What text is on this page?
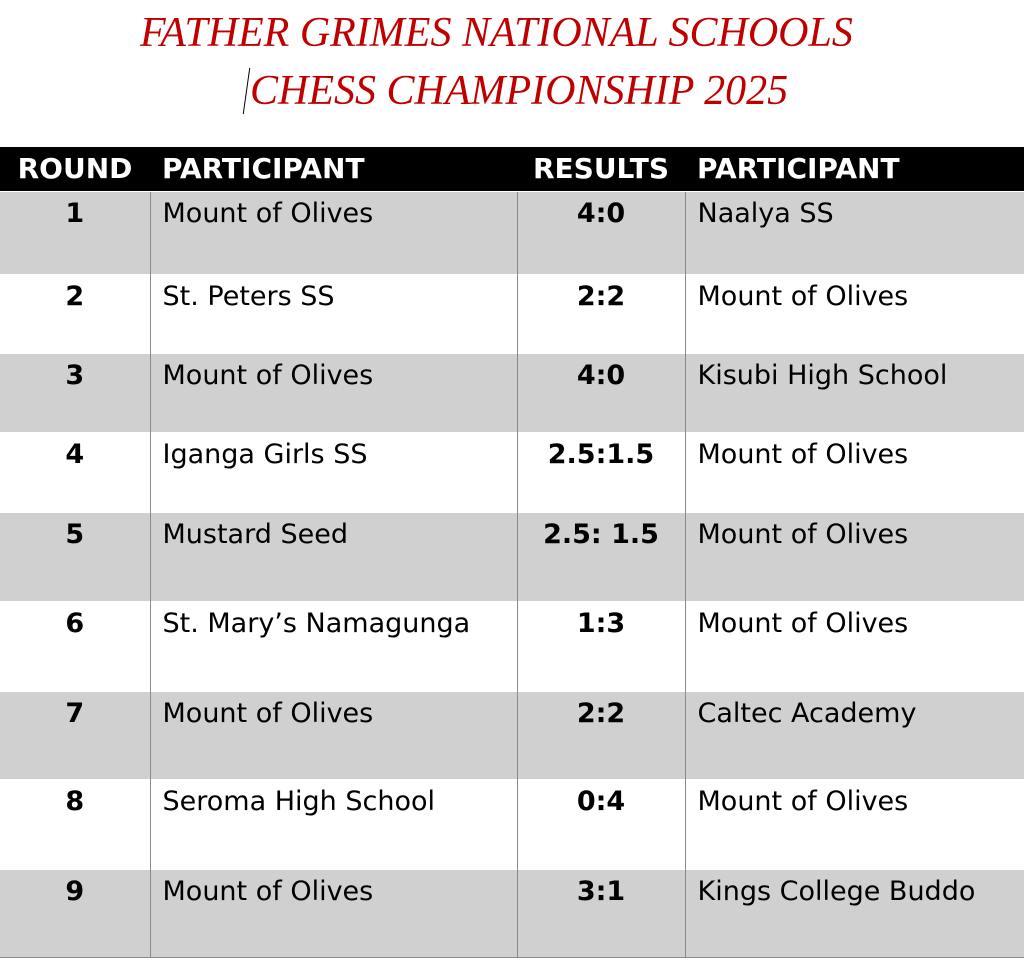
FATHER GRIMES NATIONAL SCHOOLS
CHESS CHAMPIONSHIP 2025
ROUND	PARTICIPANT	RESULTS	PARTICIPANT
1	Mount of Olives	4:0	Naalya SS
2	St. Peters SS	2:2	Mount of Olives
3	Mount of Olives	4:0	Kisubi High School
4	Iganga Girls SS	2.5:1.5	Mount of Olives
5	Mustard Seed	2.5: 1.5	Mount of Olives
6	St. Mary’s Namagunga	1:3	Mount of Olives
7	Mount of Olives	2:2	Caltec Academy
8	Seroma High School	0:4	Mount of Olives
9	Mount of Olives	3:1	Kings College Buddo
